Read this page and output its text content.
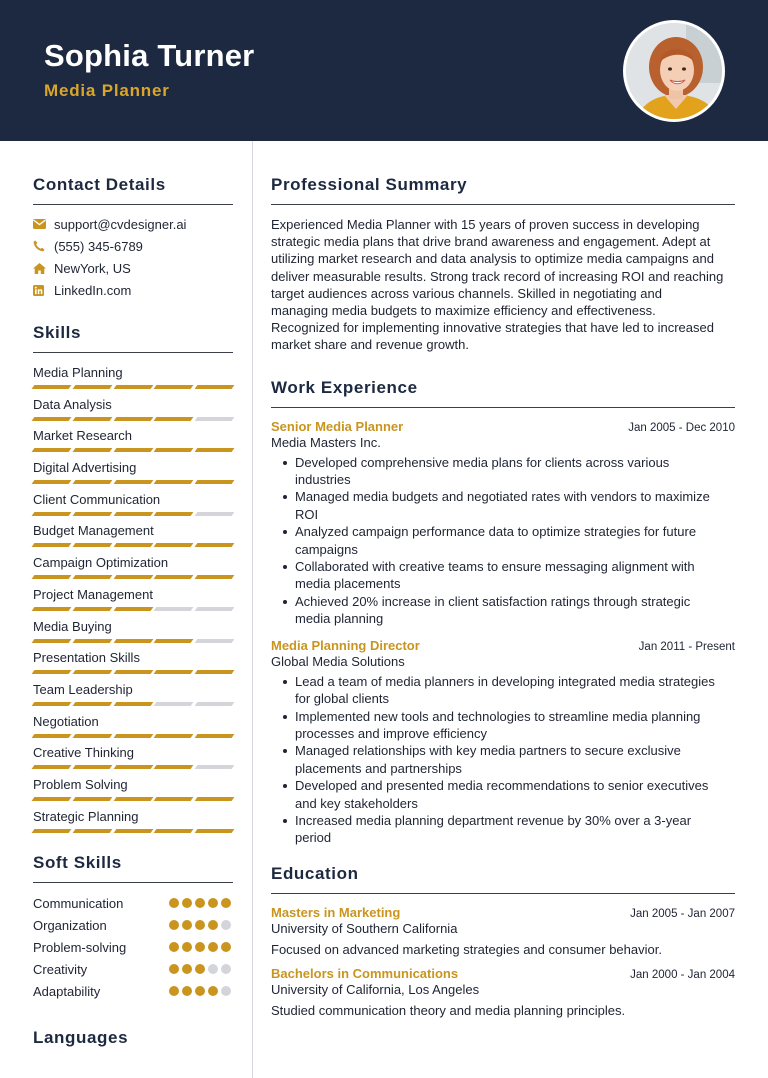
Sophia Turner
Media Planner
Contact Details
support@cvdesigner.ai
(555) 345-6789
NewYork, US
LinkedIn.com
Skills
Media Planning
Data Analysis
Market Research
Digital Advertising
Client Communication
Budget Management
Campaign Optimization
Project Management
Media Buying
Presentation Skills
Team Leadership
Negotiation
Creative Thinking
Problem Solving
Strategic Planning
Soft Skills
Communication
Organization
Problem-solving
Creativity
Adaptability
Languages
Professional Summary
Experienced Media Planner with 15 years of proven success in developing
strategic media plans that drive brand awareness and engagement. Adept at
utilizing market research and data analysis to optimize media campaigns and
deliver measurable results. Strong track record of increasing ROI and reaching
target audiences across various channels. Skilled in negotiating and
managing media budgets to maximize efficiency and effectiveness.
Recognized for implementing innovative strategies that have led to increased
market share and revenue growth.
Work Experience
Senior Media Planner	Jan 2005 - Dec 2010
Media Masters Inc.
Developed comprehensive media plans for clients across various
industries
Managed media budgets and negotiated rates with vendors to maximize
ROI
Analyzed campaign performance data to optimize strategies for future
campaigns
Collaborated with creative teams to ensure messaging alignment with
media placements
Achieved 20% increase in client satisfaction ratings through strategic
media planning
Media Planning Director	Jan 2011 - Present
Global Media Solutions
Lead a team of media planners in developing integrated media strategies
for global clients
Implemented new tools and technologies to streamline media planning
processes and improve efficiency
Managed relationships with key media partners to secure exclusive
placements and partnerships
Developed and presented media recommendations to senior executives
and key stakeholders
Increased media planning department revenue by 30% over a 3-year
period
Education
Masters in Marketing	Jan 2005 - Jan 2007
University of Southern California
Focused on advanced marketing strategies and consumer behavior.
Bachelors in Communications	Jan 2000 - Jan 2004
University of California, Los Angeles
Studied communication theory and media planning principles.
